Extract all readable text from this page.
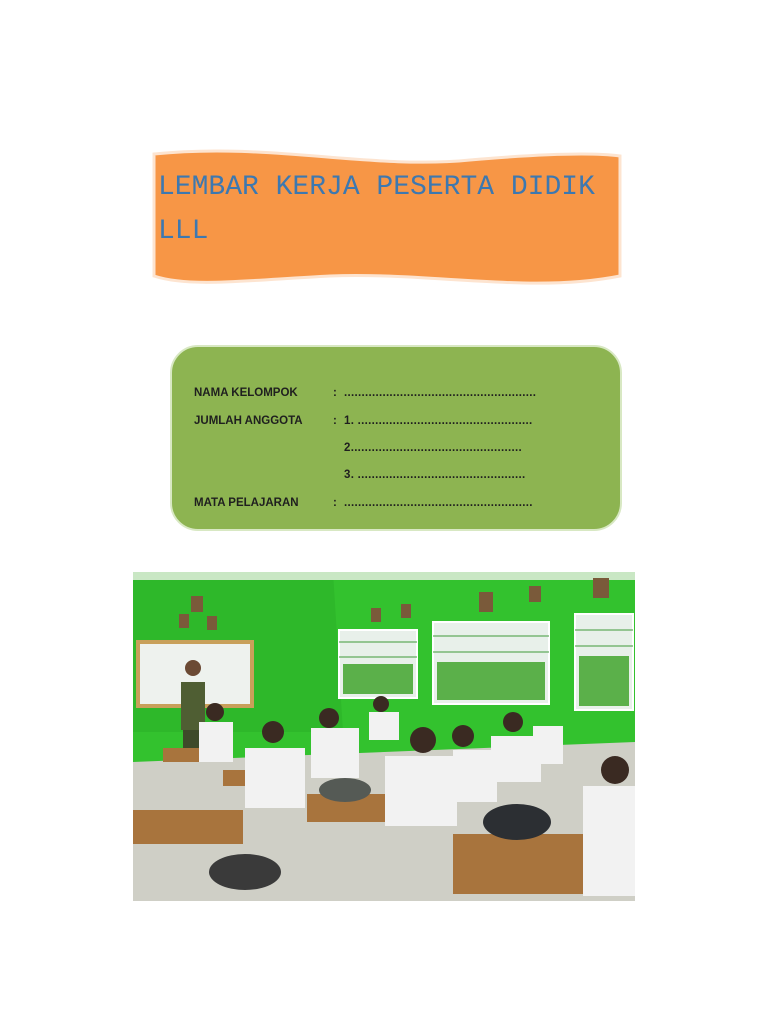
LEMBAR KERJA PESERTA DIDIK
LLL
NAMA KELOMPOK	: .......................................................
JUMLAH ANGGOTA	: 1. ..................................................
2.................................................
3. ................................................
MATA PELAJARAN	: ......................................................
